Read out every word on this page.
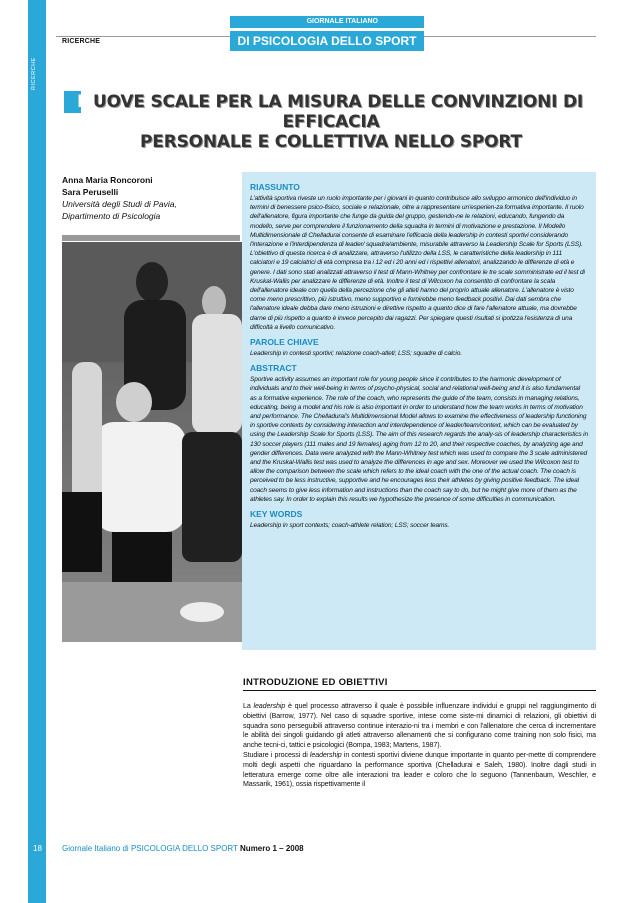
RICERCHE
RICERCHE
GIORNALE ITALIANO
DI PSICOLOGIA DELLO SPORT
N UOVE SCALE PER LA MISURA DELLE CONVINZIONI DI EFFICACIA
PERSONALE E COLLETTIVA NELLO SPORT
Anna Maria Roncoroni
Sara Peruselli
Università degli Studi di Pavia,
Dipartimento di Psicologia
RIASSUNTO
L'attività sportiva riveste un ruolo importante per i giovani in quanto contribuisce allo sviluppo armonico dell'individuo in termini di benessere psico-fisico, sociale e relazionale, oltre a rappresentare un'esperien-za formativa importante. Il ruolo dell'allenatore, figura importante che funge da guida del gruppo, gestendo-ne le relazioni, educando, fungendo da modello, serve per comprendere il funzionamento della squadra in termini di motivazione e prestazione. Il Modello Multidimensionale di Chelladurai consente di esaminare l'efficacia della leadership in contesti sportivi considerando l'interazione e l'interdipendenza di leader/ squadra/ambiente, misurabile attraverso la Leadership Scale for Sports (LSS). L'obiettivo di questa ricerca è di analizzare, attraverso l'utilizzo della LSS, le caratteristiche della leadership in 111 calciatori e 19 calciatrici di età compresa tra i 12 ed i 20 anni ed i rispettivi allenatori, analizzando le differenze di età e genere. I dati sono stati analizzati attraverso il test di Mann-Whitney per confrontare le tre scale somministrate ed il test di Kruskal-Wallis per analizzare le differenze di età. Inoltre il test di Wilcoxon ha consentito di confrontare la scala dell'allenatore ideale con quella della percezione che gli atleti hanno del proprio attuale allenatore. L'allenatore è visto come meno prescrittivo, più istruttivo, meno supportivo e fornirebbe meno feedback positivi. Dai dati sembra che l'allenatore ideale debba dare meno istruzioni e direttive rispetto a quanto dice di fare l'allenatore attuale, ma dovrebbe darne di più rispetto a quanto è invece percepito dai ragazzi. Per spiegare questi risultati si ipotizza l'esistenza di una difficoltà a livello comunicativo.
PAROLE CHIAVE
Leadership in contesti sportivi; relazione coach-atleti; LSS; squadre di calcio.
ABSTRACT
Sportive activity assumes an important role for young people since it contributes to the harmonic development of individuals and to their well-being in terms of psycho-physical, social and relational well-being and it is also fundamental as a formative experience. The role of the coach, who represents the guide of the team, consists in managing relations, educating, being a model and his role is also important in order to understand how the team works in terms of motivation and performance. The Chelladurai's Multidimensional Model allows to examine the effectiveness of leadership functioning in sportive contexts by considering interaction and interdependence of leader/team/context, which can be evaluated by using the Leadership Scale for Sports (LSS). The aim of this research regards the analy-sis of leadership characteristics in 130 soccer players (111 males and 19 females) aging from 12 to 20, and their respective coaches, by analyzing age and gender differences. Data were analyzed with the Mann-Whitney test which was used to compare the 3 scale administered and the Kruskal-Wallis test was used to analyze the differences in age and sex. Moreover we used the Wilcoxon test to allow the comparison between the scale which refers to the ideal coach with the one of the actual coach. The coach is perceived to be less instructive, supportive and he encourages less their athletes by giving positive feedback. The ideal coach seems to give less information and instructions than the coach say to do, but he might give more of them as the athletes say. In order to explain this results we hypothesize the presence of some difficulties in communication.
KEY WORDS
Leadership in sport contexts; coach-athlete relation; LSS; soccer teams.
INTRODUZIONE ED OBIETTIVI
La leadership è quel processo attraverso il quale è possibile influenzare individui e gruppi nel raggiungimento di obiettivi (Barrow, 1977). Nel caso di squadre sportive, intese come siste-mi dinamici di relazioni, gli obiettivi di squadra sono perseguibili attraverso continue interazio-ni tra i membri e con l'allenatore che cerca di incrementare le abilità dei singoli guidando gli atleti attraverso allenamenti che si configurano come training non solo fisici, ma anche tecni-ci, tattici e psicologici (Bompa, 1983; Martens, 1987).
Studiare i processi di leadership in contesti sportivi diviene dunque importante in quanto per-mette di comprendere molti degli aspetti che riguardano la performance sportiva (Chelladurai e Saleh, 1980). Inoltre dagli studi in letteratura emerge come oltre alle interazioni tra leader e coloro che lo seguono (Tannenbaum, Weschler, e Massarik, 1961), ossia rispettivamente il
18	Giornale Italiano di PSICOLOGIA DELLO SPORT Numero 1 – 2008
